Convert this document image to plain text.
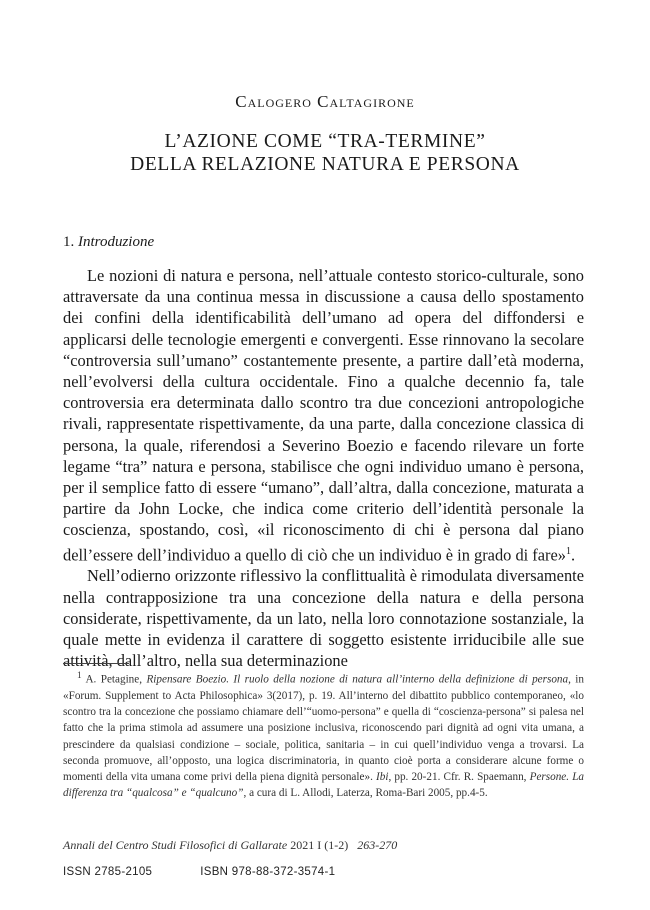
Calogero Caltagirone
L’AZIONE COME “TRA-TERMINE”
DELLA RELAZIONE NATURA E PERSONA
1. Introduzione

Le nozioni di natura e persona, nell’attuale contesto storico-culturale, sono attraversate da una continua messa in discussione a causa dello spostamento dei confini della identificabilità dell’umano ad opera del diffondersi e applicarsi delle tecnologie emergenti e convergenti. Esse rinnovano la secolare “controversia sull’umano” costantemente presente, a partire dall’età moderna, nell’evolversi della cultura occidentale. Fino a qualche decennio fa, tale controversia era determinata dallo scontro tra due concezioni antropologiche rivali, rappresentate rispettivamente, da una parte, dalla concezione classica di persona, la quale, riferendosi a Severino Boezio e facendo rilevare un forte legame “tra” natura e persona, stabilisce che ogni individuo umano è persona, per il semplice fatto di essere “umano”, dall’altra, dalla concezione, maturata a partire da John Locke, che indica come criterio dell’identità personale la coscienza, spostando, così, «il riconoscimento di chi è persona dal piano dell’essere dell’individuo a quello di ciò che un individuo è in grado di fare»$^1$.

Nell’odierno orizzonte riflessivo la conflittualità è rimodulata diversamente nella contrapposizione tra una concezione della natura e della persona considerate, rispettivamente, da un lato, nella loro connotazione sostanziale, la quale mette in evidenza il carattere di soggetto esistente irriducibile alle sue attività, dall’altro, nella sua determinazione

$^1$ A. Petagine, Ripensare Boezio. Il ruolo della nozione di natura all’interno della definizione di persona, in «Forum. Supplement to Acta Philosophica» 3(2017), p. 19. All’interno del dibattito pubblico contemporaneo, «lo scontro tra la concezione che possiamo chiamare dell’“uomo-persona” e quella di “coscienza-persona” si palesa nel fatto che la prima stimola ad assumere una posizione inclusiva, riconoscendo pari dignità ad ogni vita umana, a prescindere da qualsiasi condizione – sociale, politica, sanitaria – in cui quell’individuo venga a trovarsi. La seconda promuove, all’opposto, una logica discriminatoria, in quanto cioè porta a considerare alcune forme o momenti della vita umana come privi della piena dignità personale». Ibi, pp. 20-21. Cfr. R. Spaemann, Persone. La differenza tra “qualcosa” e “qualcuno”, a cura di L. Allodi, Laterza, Roma-Bari 2005, pp.4-5.

Annali del Centro Studi Filosofici di Gallarate 2021 I (1-2) 263-270
ISSN 2785-2105	ISBN 978-88-372-3574-1
